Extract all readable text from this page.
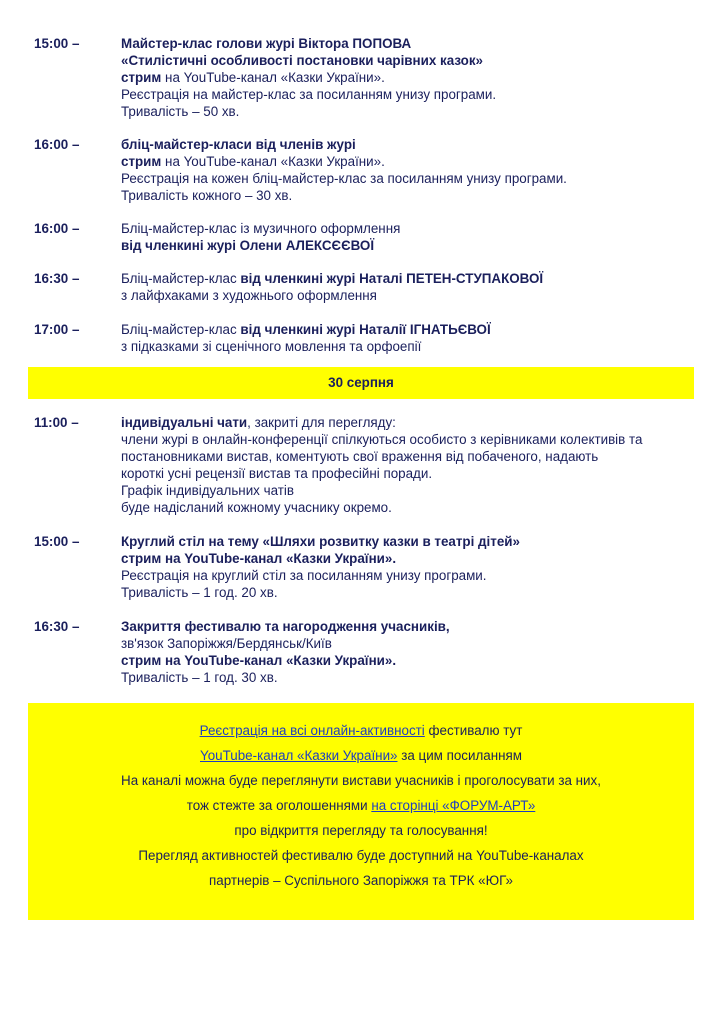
15:00 –	Майстер-клас голови журі Віктора ПОПОВА
«Стилістичні особливості постановки чарівних казок»
стрим на YouTube-канал «Казки України».
Реєстрація на майстер-клас за посиланням унизу програми.
Тривалість – 50 хв.
16:00 –	бліц-майстер-класи від членів журі
стрим на YouTube-канал «Казки України».
Реєстрація на кожен бліц-майстер-клас за посиланням унизу програми.
Тривалість кожного – 30 хв.
16:00 –	Бліц-майстер-клас із музичного оформлення
від членкині журі Олени АЛЕКСЄЄВОЇ
16:30 –	Бліц-майстер-клас від членкині журі Наталі ПЕТЕН-СТУПАКОВОЇ
з лайфхаками з художнього оформлення
17:00 –	Бліц-майстер-клас від членкині журі Наталії ІГНАТЬЄВОЇ
з підказками зі сценічного мовлення та орфоепії
30 серпня
11:00 –	індивідуальні чати, закриті для перегляду:
члени журі в онлайн-конференції спілкуються особисто з керівниками колективів та
постановниками вистав, коментують свої враження від побаченого, надають
короткі усні рецензії вистав та професійні поради.
Графік індивідуальних чатів
буде надісланий кожному учаснику окремо.
15:00 –	Круглий стіл на тему «Шляхи розвитку казки в театрі дітей»
стрим на YouTube-канал «Казки України».
Реєстрація на круглий стіл за посиланням унизу програми.
Тривалість – 1 год. 20 хв.
16:30 –	Закриття фестивалю та нагородження учасників,
зв'язок Запоріжжя/Бердянськ/Київ
стрим на YouTube-канал «Казки України».
Тривалість – 1 год. 30 хв.
Реєстрація на всі онлайн-активності фестивалю тут
YouTube-канал «Казки України» за цим посиланням
На каналі можна буде переглянути вистави учасників і проголосувати за них,
тож стежте за оголошеннями на сторінці «ФОРУМ-АРТ»
про відкриття перегляду та голосування!
Перегляд активностей фестивалю буде доступний на YouTube-каналах
партнерів – Суспільного Запоріжжя та ТРК «ЮГ»
